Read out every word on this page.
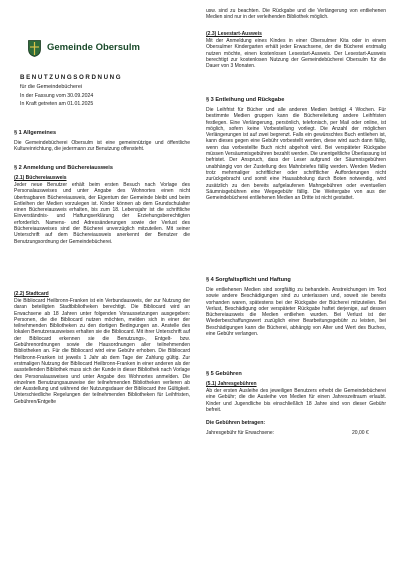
Gemeinde Obersulm
BENUTZUNGSORDNUNG
für die Gemeindebücherei
In der Fassung vom 30.09.2024
In Kraft getreten am 01.01.2025
§ 1 Allgemeines
Die Gemeindebücherei Obersulm ist eine gemeinnützige und öffentliche Kultureinrichtung, die jedermann zur Benutzung offensteht.
§ 2 Anmeldung und Büchereiausweis
(2.1) Büchereiausweis
Jeder neue Benutzer erhält beim ersten Besuch nach Vorlage des Personalausweises und unter Angabe des Wohnortes einen nicht übertragbaren Büchereiausweis, der Eigentum der Gemeinde bleibt und beim Entleihen der Medien vorzulegen ist. Kinder können ab dem Grundschulalter einen Büchereiausweis erhalten, bis zum 18. Lebensjahr ist die schriftliche Einverständnis- und Haftungserklärung der Erziehungsberechtigten erforderlich. Namens- und Adressänderungen sowie der Verlust des Büchereiausweises sind der Bücherei unverzüglich mitzuteilen. Mit seiner Unterschrift auf dem Büchereiausweis anerkennt der Benutzer die Benutzungsordnung der Gemeindebücherei.
(2.2) Stadtcard
Die Bibliocard Heilbronn-Franken ist ein Verbundausweis, der zur Nutzung der daran beteiligten Stadtbibliotheken berechtigt. Die Bibliocard wird an Erwachsene ab 18 Jahren unter folgenden Voraussetzungen ausgegeben: Personen, die die Bibliocard nutzen möchten, melden sich in einer der teilnehmenden Bibliotheken zu den dortigen Bedingungen an. Anstelle des lokalen Benutzerausweises erhalten sie die Bibliocard. Mit ihrer Unterschrift auf der Bibliocard erkennen sie die Benutzungs-, Entgelt- bzw. Gebührenordnungen sowie die Hausordnungen aller teilnehmenden Bibliotheken an. Für die Bibliocard wird eine Gebühr erhoben. Die Bibliocard Heilbronn-Franken ist jeweils 1 Jahr ab dem Tage der Zahlung gültig. Zur erstmaligen Nutzung der Bibliocard Heilbronn-Franken in einer anderen als der ausstellenden Bibliothek muss sich der Kunde in dieser Bibliothek nach Vorlage des Personalausweises und unter Angabe des Wohnortes anmelden. Die einzelnen Benutzungsausweise der teilnehmenden Bibliotheken verlieren ab der Ausstellung und während der Nutzungsdauer der Bibliocard ihre Gültigkeit. Unterschiedliche Regelungen der teilnehmenden Bibliotheken für Leihfristen, Gebühren/Entgelte
usw. sind zu beachten. Die Rückgabe und die Verlängerung von entliehenen Medien sind nur in der verleihenden Bibliothek möglich.
(2.3) Lesestart-Ausweis
Mit der Anmeldung eines Kindes in einer Obersulmer Kita oder in einem Obersulmer Kindergarten erhält jeder Erwachsene, der die Bücherei erstmalig nutzen möchte, einen kostenlosen Lesestart-Ausweis. Der Lesestart-Ausweis berechtigt zur kostenlosen Nutzung der Gemeindebücherei Obersulm für die Dauer von 3 Monaten.
§ 3 Entleihung und Rückgabe
Die Leihfrist für Bücher und alle anderen Medien beträgt 4 Wochen. Für bestimmte Medien gruppen kann die Büchereileitung andere Leihfristen festlegen. Eine Verlängerung, persönlich, telefonisch, per Mail oder online, ist möglich, sofern keine Vorbestellung vorliegt. Die Anzahl der möglichen Verlängerungen ist auf zwei begrenzt. Falls ein gewünschtes Buch entliehen ist, kann dieses gegen eine Gebühr vorbestellt werden, diese wird auch dann fällig, wenn das vorbestellte Buch nicht abgeholt wird. Bei verspäteter Rückgabe müssen Versäumnisgebühren bezahlt werden. Die unentgeltliche Überlassung ist befristet. Der Anspruch, dass der Leser aufgrund der Säumnisgebühren unabhängig von der Zustellung des Mahnbriefes fällig werden. Werden Medien trotz mehrmaliger schriftlicher oder schriftlicher Aufforderungen nicht zurückgebracht und somit eine Hausabholung durch Boten notwendig, wird zusätzlich zu den bereits aufgelaufenen Mahngebühren oder eventuellen Säumnisgebühren eine Wegegebühr fällig. Die Weitergabe von aus der Gemeindebücherei entliehenen Medien an Dritte ist nicht gestattet.
§ 4 Sorgfaltspflicht und Haftung
Die entliehenen Medien sind sorgfältig zu behandeln. Anstreichungen im Text sowie andere Beschädigungen sind zu unterlassen und, soweit sie bereits vorhanden waren, spätestens bei der Rückgabe der Bücherei mitzuteilen. Bei Verlust, Beschädigung oder verspäteter Rückgabe haftet derjenige, auf dessen Büchereiausweis die Medien entliehen wurden. Bei Verlust ist der Wiederbeschaffungswert zuzüglich einer Bearbeitungsgebühr zu leisten, bei Beschädigungen kann die Bücherei, abhängig von Alter und Wert des Buches, eine Gebühr verlangen.
§ 5 Gebühren
(5.1) Jahresgebühren
Ab der ersten Ausleihe des jeweiligen Benutzers erhebt die Gemeindebücherei eine Gebühr; die die Ausleihe von Medien für einen Jahreszeitraum erlaubt. Kinder und Jugendliche bis einschließlich 18 Jahre sind von dieser Gebühr befreit.
Die Gebühren betragen:
Jahresgebühr für Erwachsene:	20,00 €
